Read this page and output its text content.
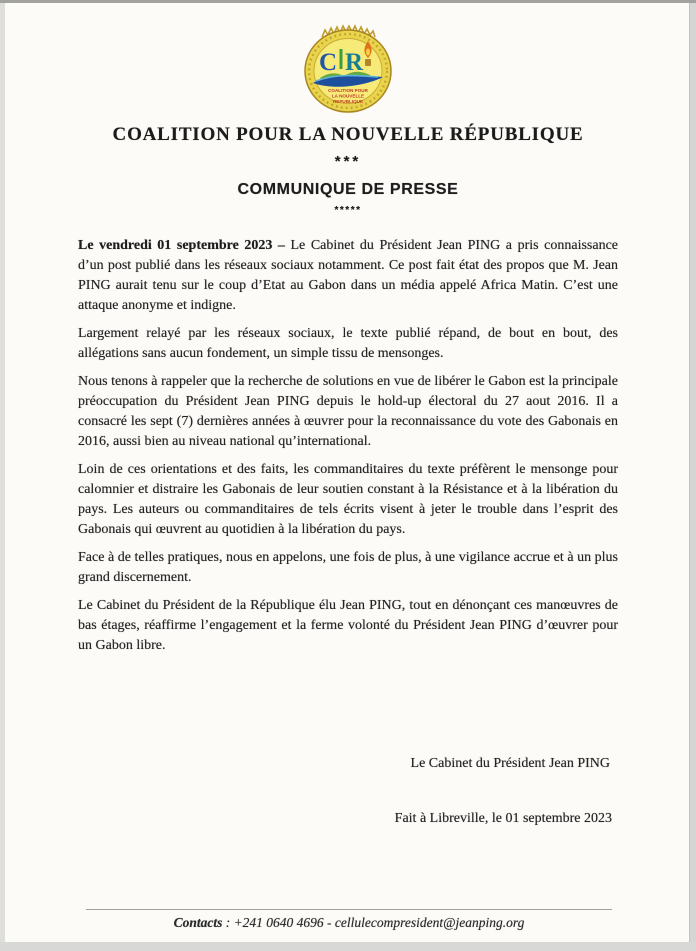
C R
COALITION POUR
LA NOUVELLE
REPUBLIQUE
COALITION POUR LA NOUVELLE RÉPUBLIQUE
***
COMMUNIQUE DE PRESSE
*****

Le vendredi 01 septembre 2023 – Le Cabinet du Président Jean PING a pris connaissance d’un post publié dans les réseaux sociaux notamment. Ce post fait état des propos que M. Jean PING aurait tenu sur le coup d’Etat au Gabon dans un média appelé Africa Matin. C’est une attaque anonyme et indigne.

Largement relayé par les réseaux sociaux, le texte publié répand, de bout en bout, des allégations sans aucun fondement, un simple tissu de mensonges.

Nous tenons à rappeler que la recherche de solutions en vue de libérer le Gabon est la principale préoccupation du Président Jean PING depuis le hold-up électoral du 27 aout 2016. Il a consacré les sept (7) dernières années à œuvrer pour la reconnaissance du vote des Gabonais en 2016, aussi bien au niveau national qu’international.

Loin de ces orientations et des faits, les commanditaires du texte préfèrent le mensonge pour calomnier et distraire les Gabonais de leur soutien constant à la Résistance et à la libération du pays. Les auteurs ou commanditaires de tels écrits visent à jeter le trouble dans l’esprit des Gabonais qui œuvrent au quotidien à la libération du pays.

Face à de telles pratiques, nous en appelons, une fois de plus, à une vigilance accrue et à un plus grand discernement.

Le Cabinet du Président de la République élu Jean PING, tout en dénonçant ces manœuvres de bas étages, réaffirme l’engagement et la ferme volonté du Président Jean PING d’œuvrer pour un Gabon libre.

Le Cabinet du Président Jean PING
Fait à Libreville, le 01 septembre 2023

Contacts : +241 0640 4696 - cellulecompresident@jeanping.org
